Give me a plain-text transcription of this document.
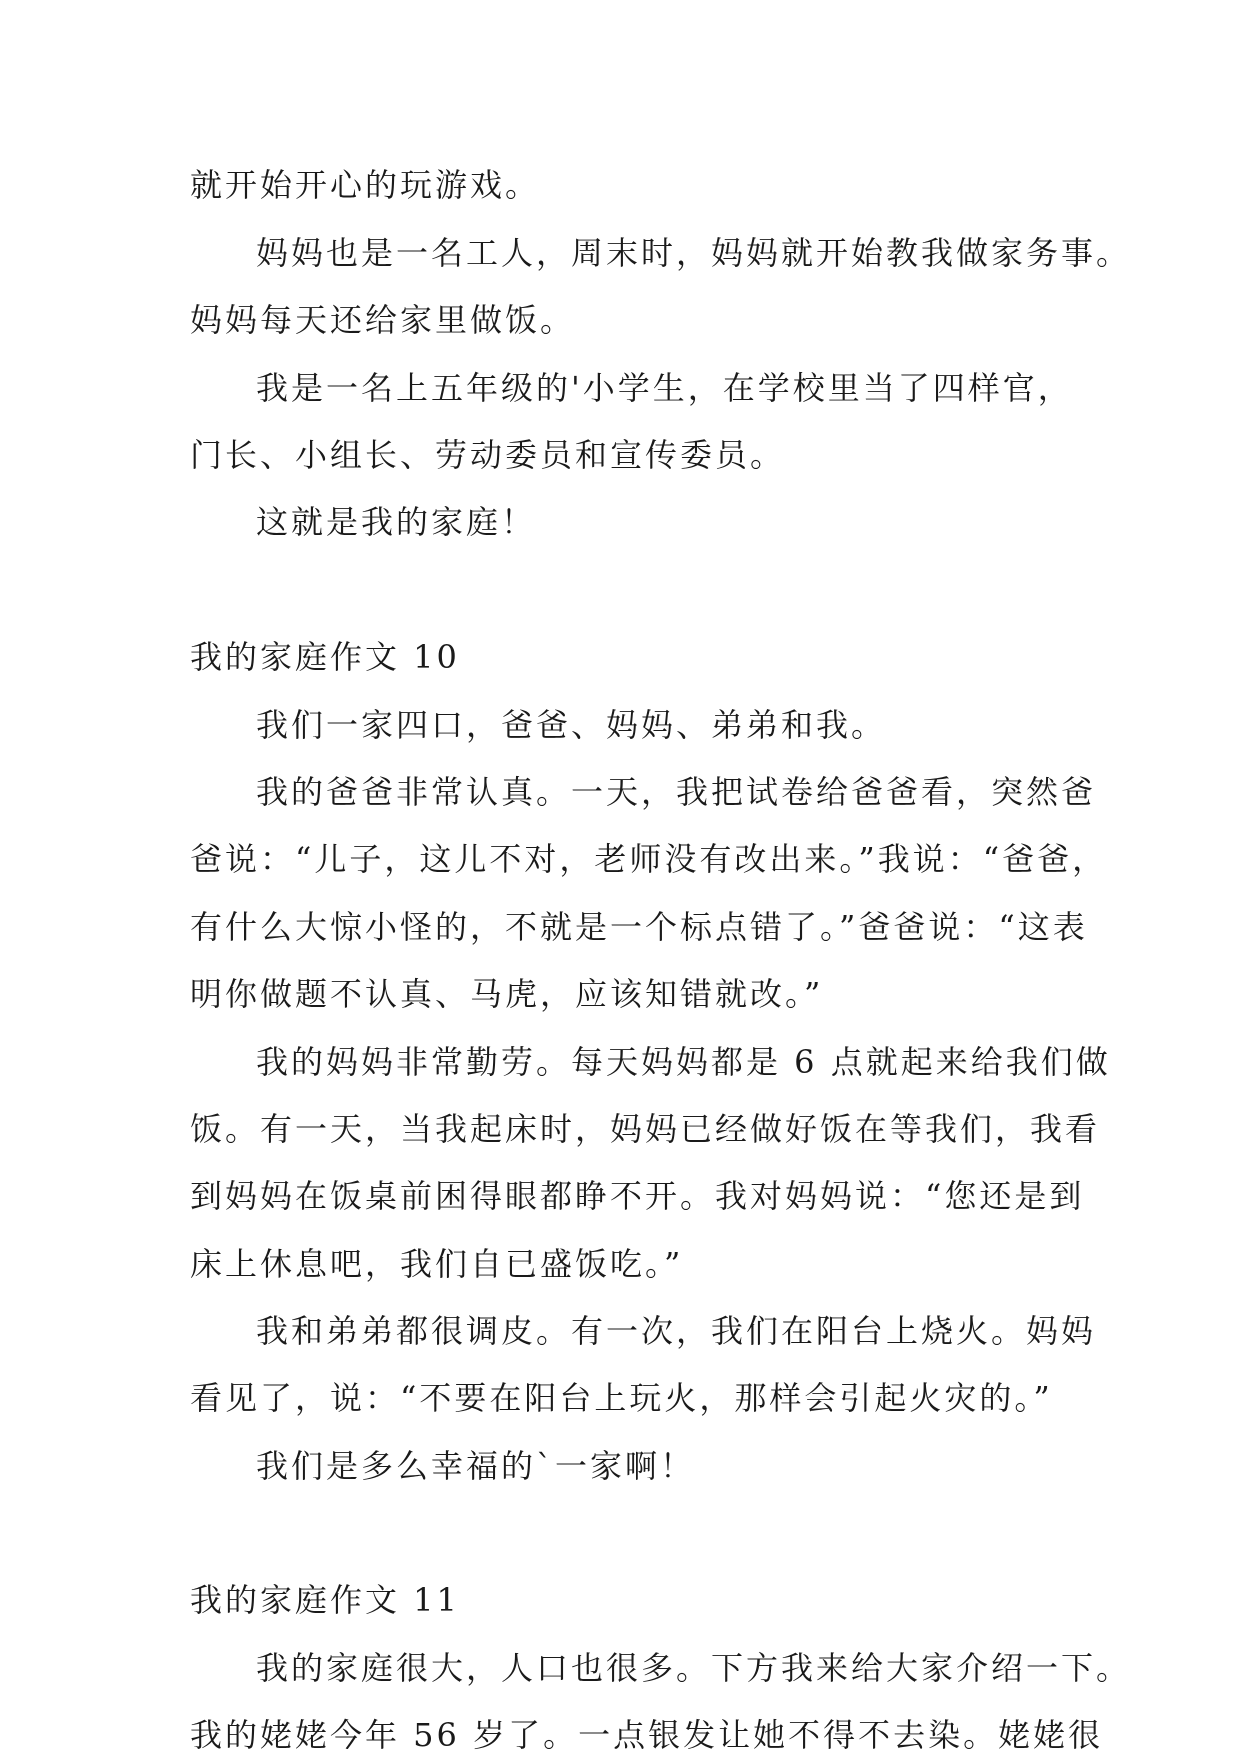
就开始开心的玩游戏。
妈妈也是一名工人，周末时，妈妈就开始教我做家务事。
妈妈每天还给家里做饭。
我是一名上五年级的'小学生，在学校里当了四样官，
门长、小组长、劳动委员和宣传委员。
这就是我的家庭！
我的家庭作文 10
我们一家四口，爸爸、妈妈、弟弟和我。
我的爸爸非常认真。一天，我把试卷给爸爸看，突然爸
爸说：“儿子，这儿不对，老师没有改出来。”我说：“爸爸，
有什么大惊小怪的，不就是一个标点错了。”爸爸说：“这表
明你做题不认真、马虎，应该知错就改。”
我的妈妈非常勤劳。每天妈妈都是 6 点就起来给我们做
饭。有一天，当我起床时，妈妈已经做好饭在等我们，我看
到妈妈在饭桌前困得眼都睁不开。我对妈妈说：“您还是到
床上休息吧，我们自已盛饭吃。”
我和弟弟都很调皮。有一次，我们在阳台上烧火。妈妈
看见了，说：“不要在阳台上玩火，那样会引起火灾的。”
我们是多么幸福的`一家啊！
我的家庭作文 11
我的家庭很大，人口也很多。下方我来给大家介绍一下。
我的姥姥今年 56 岁了。一点银发让她不得不去染。姥姥很
